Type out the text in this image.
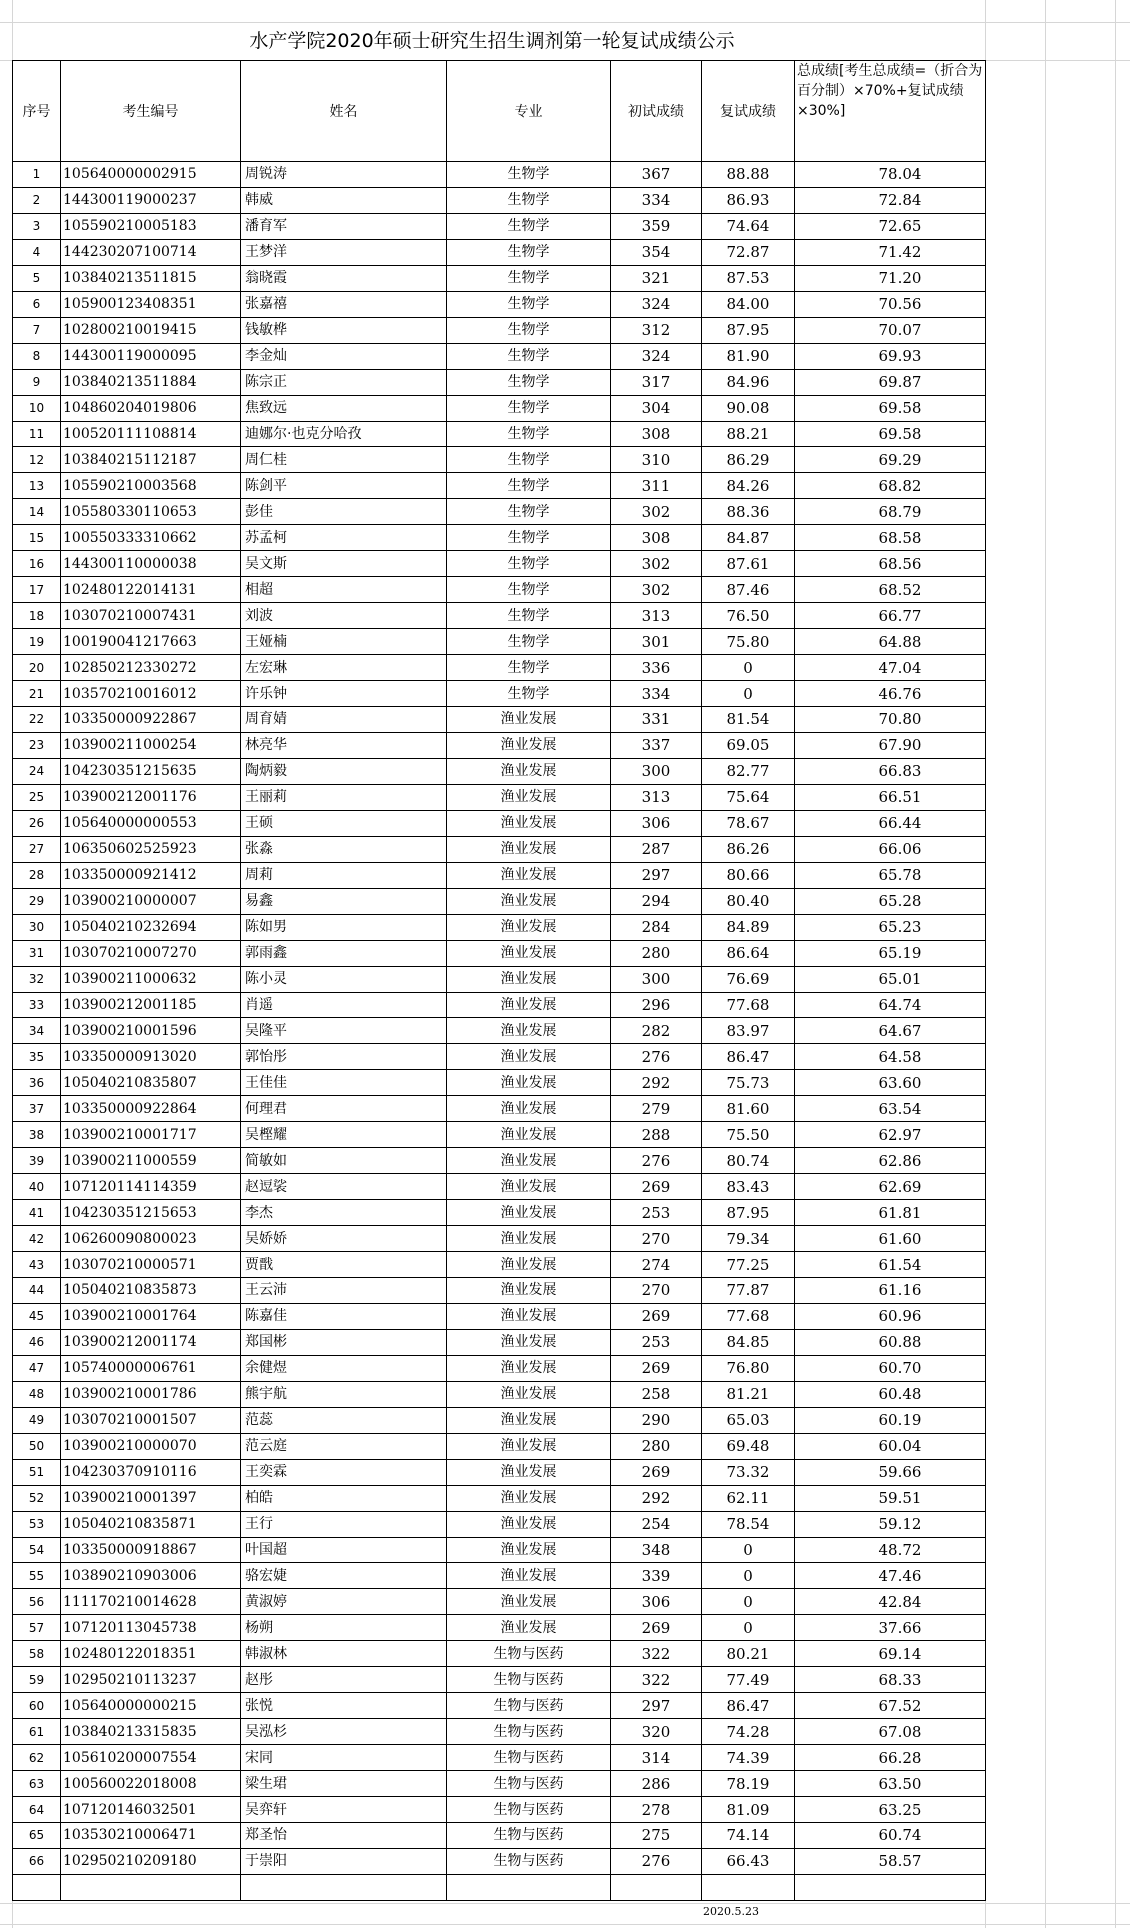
水产学院2020年硕士研究生招生调剂第一轮复试成绩公示
序号	考生编号	姓名	专业	初试成绩	复试成绩	总成绩[考生总成绩=（折合为百分制）×70%+复试成绩×30%]
1	105640000002915	周锐涛	生物学	367	88.88	78.04
2	144300119000237	韩威	生物学	334	86.93	72.84
3	105590210005183	潘育军	生物学	359	74.64	72.65
4	144230207100714	王梦洋	生物学	354	72.87	71.42
5	103840213511815	翁晓霞	生物学	321	87.53	71.20
6	105900123408351	张嘉禧	生物学	324	84.00	70.56
7	102800210019415	钱敏桦	生物学	312	87.95	70.07
8	144300119000095	李金灿	生物学	324	81.90	69.93
9	103840213511884	陈宗正	生物学	317	84.96	69.87
10	104860204019806	焦致远	生物学	304	90.08	69.58
11	100520111108814	迪娜尔·也克分哈孜	生物学	308	88.21	69.58
12	103840215112187	周仁桂	生物学	310	86.29	69.29
13	105590210003568	陈剑平	生物学	311	84.26	68.82
14	105580330110653	彭佳	生物学	302	88.36	68.79
15	100550333310662	苏孟柯	生物学	308	84.87	68.58
16	144300110000038	吴文斯	生物学	302	87.61	68.56
17	102480122014131	相超	生物学	302	87.46	68.52
18	103070210007431	刘波	生物学	313	76.50	66.77
19	100190041217663	王娅楠	生物学	301	75.80	64.88
20	102850212330272	左宏琳	生物学	336	0	47.04
21	103570210016012	许乐钟	生物学	334	0	46.76
22	103350000922867	周育婧	渔业发展	331	81.54	70.80
23	103900211000254	林亮华	渔业发展	337	69.05	67.90
24	104230351215635	陶炳毅	渔业发展	300	82.77	66.83
25	103900212001176	王丽莉	渔业发展	313	75.64	66.51
26	105640000000553	王硕	渔业发展	306	78.67	66.44
27	106350602525923	张淼	渔业发展	287	86.26	66.06
28	103350000921412	周莉	渔业发展	297	80.66	65.78
29	103900210000007	易鑫	渔业发展	294	80.40	65.28
30	105040210232694	陈如男	渔业发展	284	84.89	65.23
31	103070210007270	郭雨鑫	渔业发展	280	86.64	65.19
32	103900211000632	陈小灵	渔业发展	300	76.69	65.01
33	103900212001185	肖遥	渔业发展	296	77.68	64.74
34	103900210001596	吴隆平	渔业发展	282	83.97	64.67
35	103350000913020	郭怡彤	渔业发展	276	86.47	64.58
36	105040210835807	王佳佳	渔业发展	292	75.73	63.60
37	103350000922864	何理君	渔业发展	279	81.60	63.54
38	103900210001717	吴樫耀	渔业发展	288	75.50	62.97
39	103900211000559	简敏如	渔业发展	276	80.74	62.86
40	107120114114359	赵逗裟	渔业发展	269	83.43	62.69
41	104230351215653	李杰	渔业发展	253	87.95	61.81
42	106260090800023	吴娇娇	渔业发展	270	79.34	61.60
43	103070210000571	贾戬	渔业发展	274	77.25	61.54
44	105040210835873	王云沛	渔业发展	270	77.87	61.16
45	103900210001764	陈嘉佳	渔业发展	269	77.68	60.96
46	103900212001174	郑国彬	渔业发展	253	84.85	60.88
47	105740000006761	余健煜	渔业发展	269	76.80	60.70
48	103900210001786	熊宇航	渔业发展	258	81.21	60.48
49	103070210001507	范蕊	渔业发展	290	65.03	60.19
50	103900210000070	范云庭	渔业发展	280	69.48	60.04
51	104230370910116	王奕霖	渔业发展	269	73.32	59.66
52	103900210001397	柏皓	渔业发展	292	62.11	59.51
53	105040210835871	王行	渔业发展	254	78.54	59.12
54	103350000918867	叶国超	渔业发展	348	0	48.72
55	103890210903006	骆宏婕	渔业发展	339	0	47.46
56	111170210014628	黄淑婷	渔业发展	306	0	42.84
57	107120113045738	杨朔	渔业发展	269	0	37.66
58	102480122018351	韩淑林	生物与医药	322	80.21	69.14
59	102950210113237	赵彤	生物与医药	322	77.49	68.33
60	105640000000215	张悦	生物与医药	297	86.47	67.52
61	103840213315835	吴泓杉	生物与医药	320	74.28	67.08
62	105610200007554	宋同	生物与医药	314	74.39	66.28
63	100560022018008	梁生珺	生物与医药	286	78.19	63.50
64	107120146032501	吴弈轩	生物与医药	278	81.09	63.25
65	103530210006471	郑圣怡	生物与医药	275	74.14	60.74
66	102950210209180	于崇阳	生物与医药	276	66.43	58.57

2020.5.23
